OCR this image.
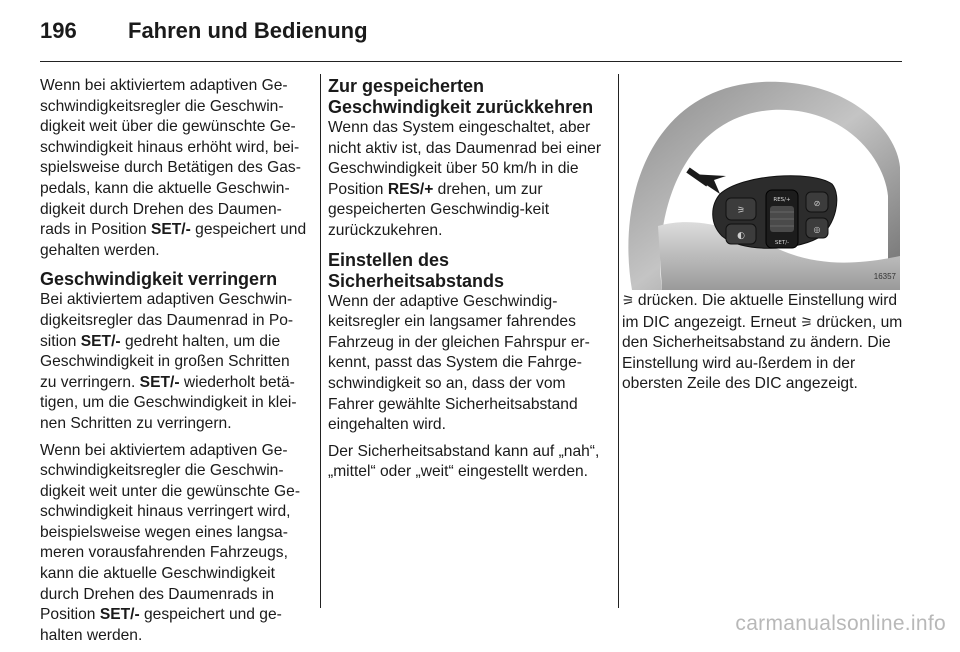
196	Fahren und Bedienung

Wenn bei aktiviertem adaptiven Ge-schwindigkeitsregler die Geschwin-digkeit weit über die gewünschte Ge-schwindigkeit hinaus erhöht wird, bei-spielsweise durch Betätigen des Gas-pedals, kann die aktuelle Geschwin-digkeit durch Drehen des Daumen-rads in Position SET/- gespeichert und gehalten werden.

Geschwindigkeit verringern

Bei aktiviertem adaptiven Geschwin-digkeitsregler das Daumenrad in Po-sition SET/- gedreht halten, um die Geschwindigkeit in großen Schritten zu verringern. SET/- wiederholt betä-tigen, um die Geschwindigkeit in klei-nen Schritten zu verringern.

Wenn bei aktiviertem adaptiven Ge-schwindigkeitsregler die Geschwin-digkeit weit unter die gewünschte Ge-schwindigkeit hinaus verringert wird, beispielsweise wegen eines langsa-meren vorausfahrenden Fahrzeugs, kann die aktuelle Geschwindigkeit durch Drehen des Daumenrads in Position SET/- gespeichert und ge-halten werden.

Zur gespeicherten Geschwindigkeit zurückkehren

Wenn das System eingeschaltet, aber nicht aktiv ist, das Daumenrad bei einer Geschwindigkeit über 50 km/h in die Position RES/+ drehen, um zur gespeicherten Geschwindig-keit zurückzukehren.

Einstellen des Sicherheitsabstands

Wenn der adaptive Geschwindig-keitsregler ein langsamer fahrendes Fahrzeug in der gleichen Fahrspur er-kennt, passt das System die Fahrge-schwindigkeit so an, dass der vom Fahrer gewählte Sicherheitsabstand eingehalten wird.

Der Sicherheitsabstand kann auf „nah“, „mittel“ oder „weit“ eingestellt werden.

⚞
◐
RES/+
SET/-
⊘
◎
16357

⚞ drücken. Die aktuelle Einstellung wird im DIC angezeigt. Erneut ⚞ drücken, um den Sicherheitsabstand zu ändern. Die Einstellung wird au-ßerdem in der obersten Zeile des DIC angezeigt.

carmanualsonline.info
